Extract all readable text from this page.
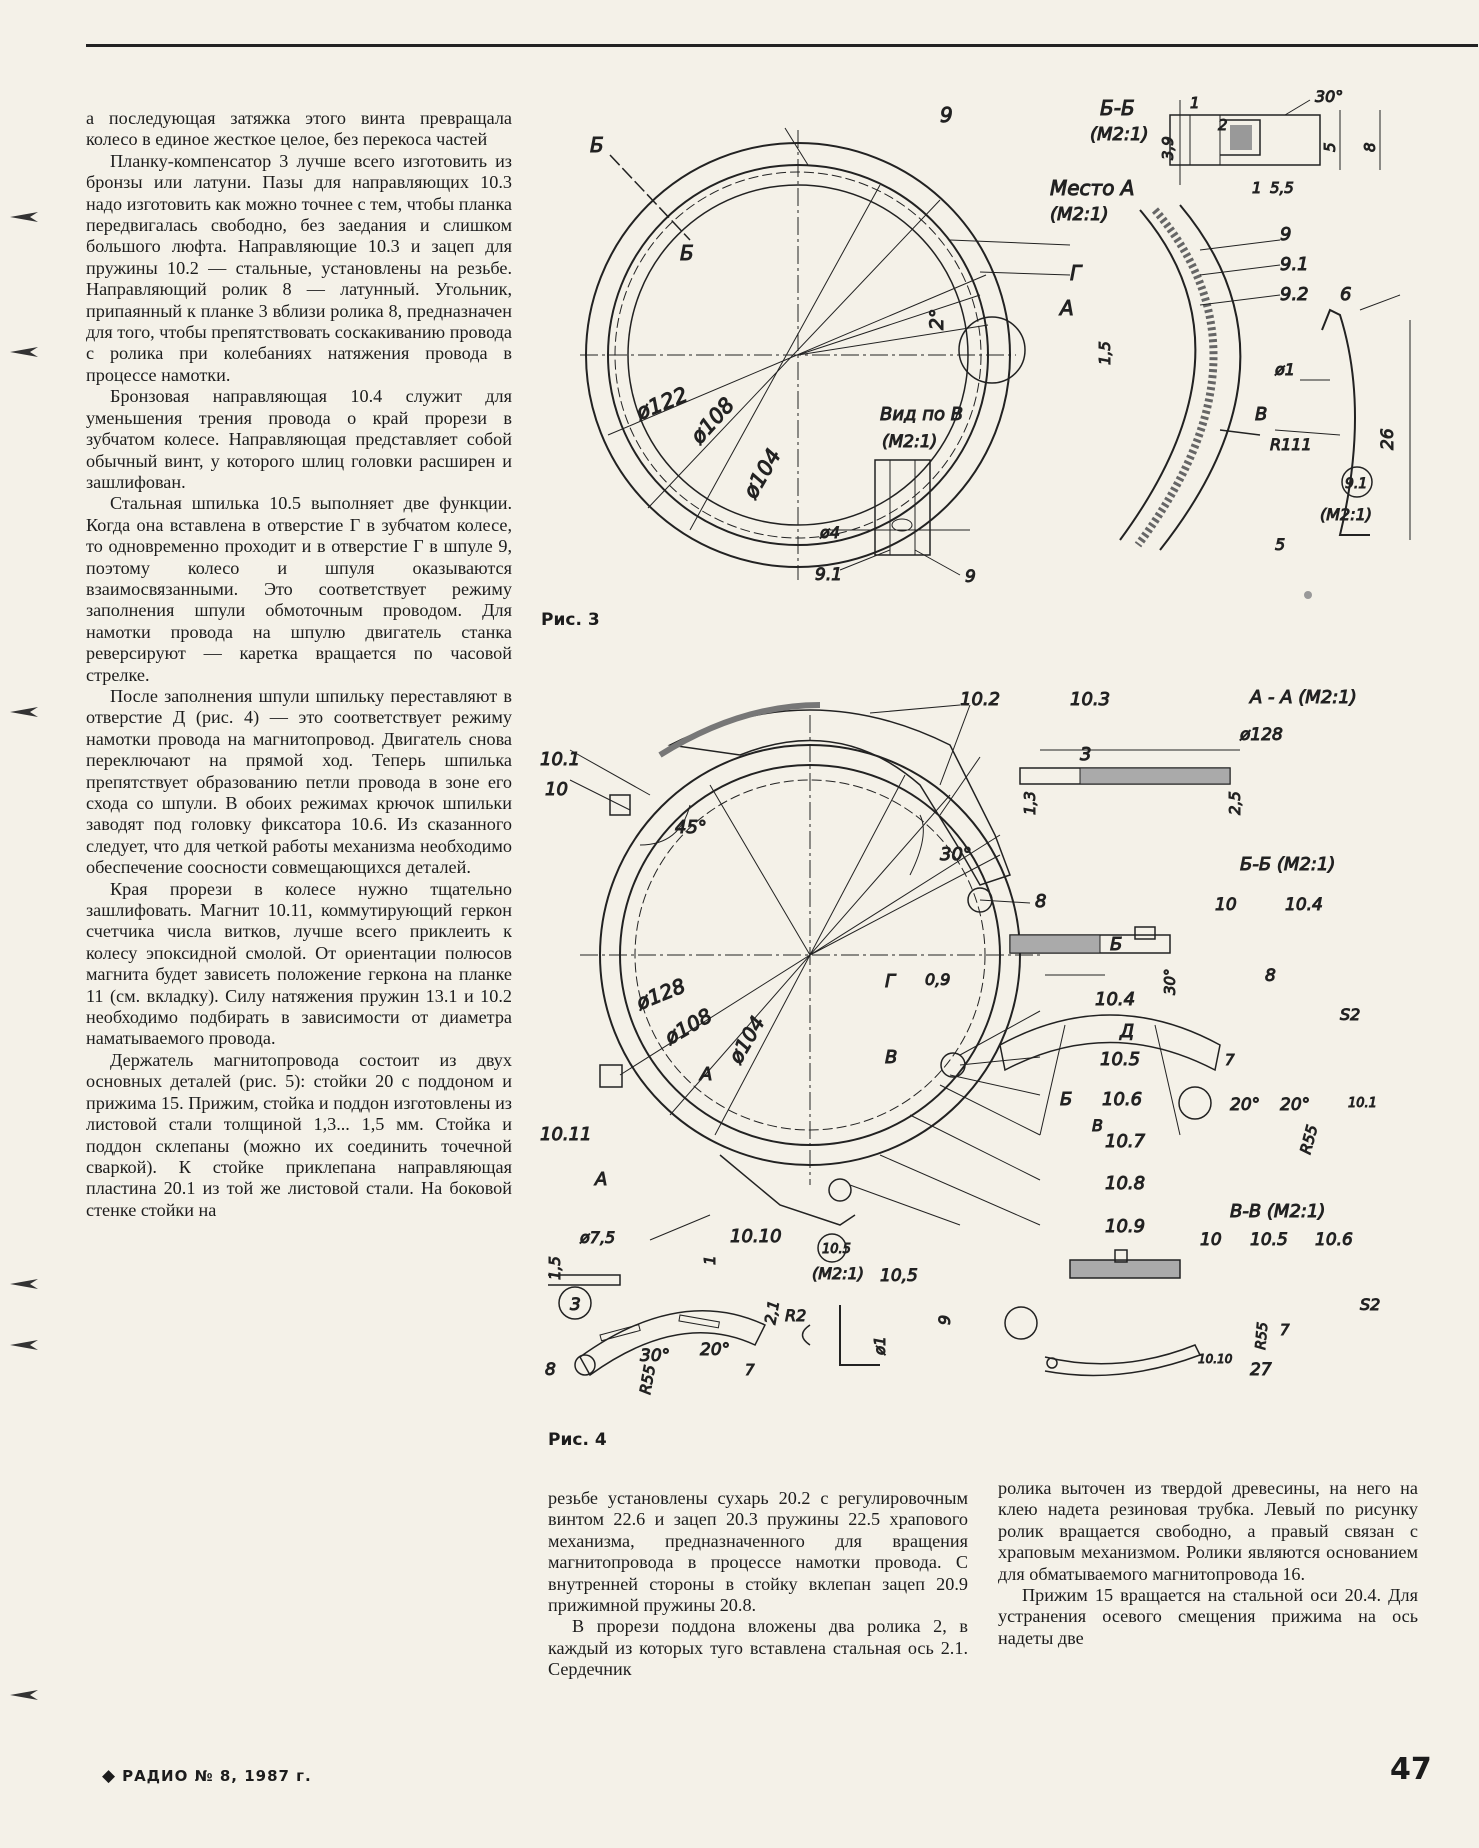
а последующая затяжка этого винта превращала колесо в единое жесткое целое, без перекоса частей

Планку-компенсатор 3 лучше всего изготовить из бронзы или латуни. Пазы для направляющих 10.3 надо изготовить как можно точнее с тем, чтобы планка передвигалась свободно, без заедания и слишком большого люфта. Направляющие 10.3 и зацеп для пружины 10.2 — стальные, установлены на резьбе. Направляющий ролик 8 — латунный. Угольник, припаянный к планке 3 вблизи ролика 8, предназначен для того, чтобы препятствовать соскакиванию провода с ролика при колебаниях натяжения провода в процессе намотки.

Бронзовая направляющая 10.4 служит для уменьшения трения провода о край прорези в зубчатом колесе. Направляющая представляет собой обычный винт, у которого шлиц головки расширен и зашлифован.

Стальная шпилька 10.5 выполняет две функции. Когда она вставлена в отверстие Г в зубчатом колесе, то одновременно проходит и в отверстие Г в шпуле 9, поэтому колесо и шпуля оказываются взаимосвязанными. Это соответствует режиму заполнения шпули обмоточным проводом. Для намотки провода на шпулю двигатель станка реверсируют — каретка вращается по часовой стрелке.

После заполнения шпули шпильку переставляют в отверстие Д (рис. 4) — это соответствует режиму намотки провода на магнитопровод. Двигатель снова переключают на прямой ход. Теперь шпилька препятствует образованию петли провода в зоне его схода со шпули. В обоих режимах крючок шпильки заводят под головку фиксатора 10.6. Из сказанного следует, что для четкой работы механизма необходимо обеспечение соосности совмещающихся деталей.

Края прорези в колесе нужно тщательно зашлифовать. Магнит 10.11, коммутирующий геркон счетчика числа витков, лучше всего приклеить к колесу эпоксидной смолой. От ориентации полюсов магнита будет зависеть положение геркона на планке 11 (см. вкладку). Силу натяжения пружин 13.1 и 10.2 необходимо подбирать в зависимости от диаметра наматываемого провода.

Держатель магнитопровода состоит из двух основных деталей (рис. 5): стойки 20 с поддоном и прижима 15. Прижим, стойка и поддон изготовлены из листовой стали толщиной 1,3... 1,5 мм. Стойка и поддон склепаны (можно их соединить точечной сваркой). К стойке приклепана направляющая пластина 20.1 из той же листовой стали. На боковой стенке стойки на

резьбе установлены сухарь 20.2 с регулировочным винтом 22.6 и зацеп 20.3 пружины 22.5 храпового механизма, предназначенного для вращения магнитопровода в процессе намотки провода. С внутренней стороны в стойку вклепан зацеп 20.9 прижимной пружины 20.8.

В прорези поддона вложены два ролика 2, в каждый из которых туго вставлена стальная ось 2.1. Сердечник

ролика выточен из твердой древесины, на него на клею надета резиновая трубка. Левый по рисунку ролик вращается свободно, а правый связан с храповым механизмом. Ролики являются основанием для обматываемого магнитопровода 16.

Прижим 15 вращается на стальной оси 20.4. Для устранения осевого смещения прижима на ось надеты две

9
Б
Б
Г
А
2°
ø122
ø108
ø104
Б-Б
(М2:1)
1
2
3,9	5 8
1 5,5
30°
Место А
(М2:1)
9
9.1
9.2 6
1,5
ø1
В
R111	26
9.1
(М2:1)
5
Вид по В
(М2:1)
ø4
9.1	9
Рис. 3
10.2	10.3
10.1
10
3
45°
30°
8
Б
ø128
ø108 ø104
Г 0,9
10.4
Д
В	10.5
10.6
Б
В
10.7
10.8
А
10.11
А
10.10	10.9
А - А (М2:1)
ø128
1,3	2,5
Б-Б (М2:1)
10	10.4
30°	8
S2
7
20° 20°
R55
10.1
В-В (М2:1)
10 10.5 10.6
10.10
R55 7
S2
27
10.5
(М2:1) 10,5
ø1
9
R2
3
8
30° 20°
R55
2,1
1
7
ø7,5
1,5
Рис. 4
◆ РАДИО № 8, 1987 г.	47
